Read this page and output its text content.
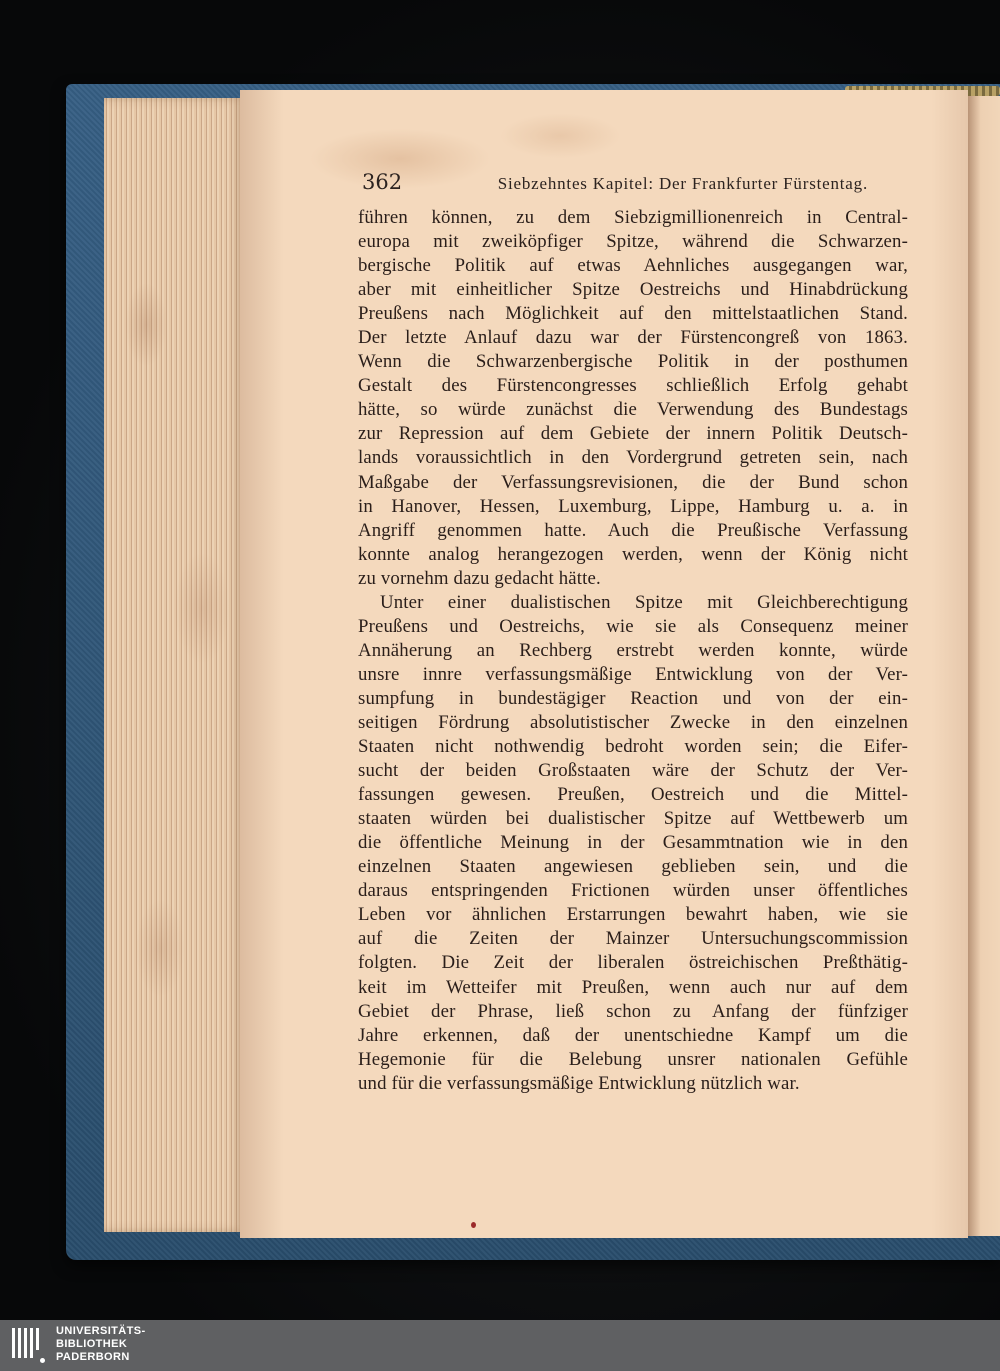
362	Siebzehntes Kapitel: Der Frankfurter Fürstentag.
führen können, zu dem Siebzigmillionenreich in Central-
europa mit zweiköpfiger Spitze, während die Schwarzen-
bergische Politik auf etwas Aehnliches ausgegangen war,
aber mit einheitlicher Spitze Oestreichs und Hinabdrückung
Preußens nach Möglichkeit auf den mittelstaatlichen Stand.
Der letzte Anlauf dazu war der Fürstencongreß von 1863.
Wenn die Schwarzenbergische Politik in der posthumen
Gestalt des Fürstencongresses schließlich Erfolg gehabt
hätte, so würde zunächst die Verwendung des Bundestags
zur Repression auf dem Gebiete der innern Politik Deutsch-
lands voraussichtlich in den Vordergrund getreten sein, nach
Maßgabe der Verfassungsrevisionen, die der Bund schon
in Hanover, Hessen, Luxemburg, Lippe, Hamburg u. a. in
Angriff genommen hatte. Auch die Preußische Verfassung
konnte analog herangezogen werden, wenn der König nicht
zu vornehm dazu gedacht hätte.
Unter einer dualistischen Spitze mit Gleichberechtigung
Preußens und Oestreichs, wie sie als Consequenz meiner
Annäherung an Rechberg erstrebt werden konnte, würde
unsre innre verfassungsmäßige Entwicklung von der Ver-
sumpfung in bundestägiger Reaction und von der ein-
seitigen Fördrung absolutistischer Zwecke in den einzelnen
Staaten nicht nothwendig bedroht worden sein; die Eifer-
sucht der beiden Großstaaten wäre der Schutz der Ver-
fassungen gewesen. Preußen, Oestreich und die Mittel-
staaten würden bei dualistischer Spitze auf Wettbewerb um
die öffentliche Meinung in der Gesammtnation wie in den
einzelnen Staaten angewiesen geblieben sein, und die
daraus entspringenden Frictionen würden unser öffentliches
Leben vor ähnlichen Erstarrungen bewahrt haben, wie sie
auf die Zeiten der Mainzer Untersuchungscommission
folgten. Die Zeit der liberalen östreichischen Preßthätig-
keit im Wetteifer mit Preußen, wenn auch nur auf dem
Gebiet der Phrase, ließ schon zu Anfang der fünfziger
Jahre erkennen, daß der unentschiedne Kampf um die
Hegemonie für die Belebung unsrer nationalen Gefühle
und für die verfassungsmäßige Entwicklung nützlich war.
UNIVERSITÄTS-
BIBLIOTHEK
PADERBORN
